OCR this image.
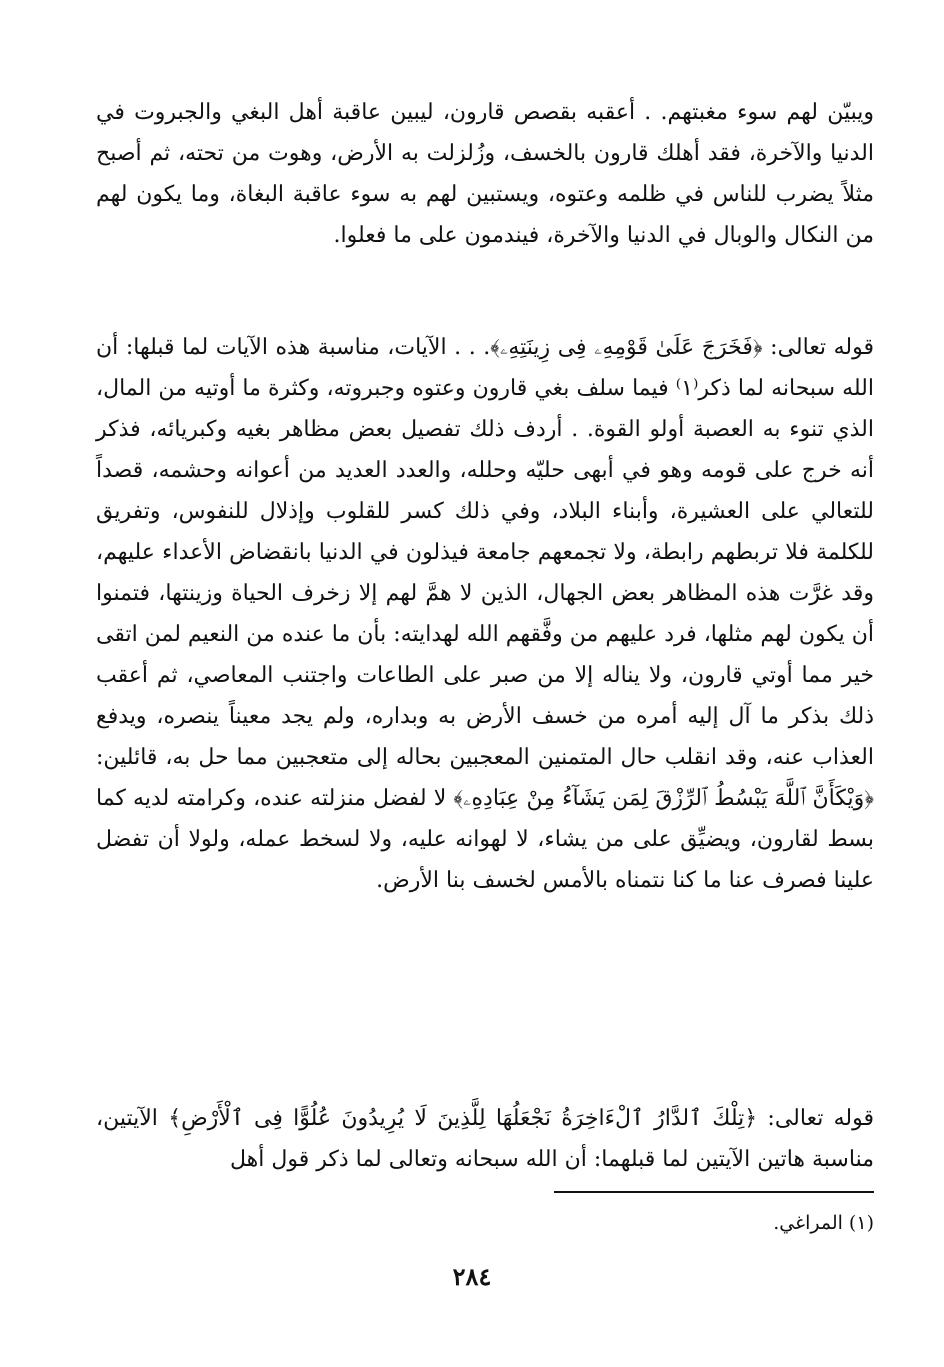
ويبيّن لهم سوء مغبتهم. . أعقبه بقصص قارون، ليبين عاقبة أهل البغي والجبروت في الدنيا والآخرة، فقد أهلك قارون بالخسف، وزُلزلت به الأرض، وهوت من تحته، ثم أصبح مثلاً يضرب للناس في ظلمه وعتوه، ويستبين لهم به سوء عاقبة البغاة، وما يكون لهم من النكال والوبال في الدنيا والآخرة، فيندمون على ما فعلوا.

قوله تعالى: ﴿فَخَرَجَ عَلَىٰ قَوْمِهِۦ فِى زِينَتِهِۦ﴾. . . الآيات، مناسبة هذه الآيات لما قبلها: أن الله سبحانه لما ذكر⁽١⁾ فيما سلف بغي قارون وعتوه وجبروته، وكثرة ما أوتيه من المال، الذي تنوء به العصبة أولو القوة. . أردف ذلك تفصيل بعض مظاهر بغيه وكبريائه، فذكر أنه خرج على قومه وهو في أبهى حليّه وحلله، والعدد العديد من أعوانه وحشمه، قصداً للتعالي على العشيرة، وأبناء البلاد، وفي ذلك كسر للقلوب وإذلال للنفوس، وتفريق للكلمة فلا تربطهم رابطة، ولا تجمعهم جامعة فيذلون في الدنيا بانقضاض الأعداء عليهم، وقد غرَّت هذه المظاهر بعض الجهال، الذين لا همَّ لهم إلا زخرف الحياة وزينتها، فتمنوا أن يكون لهم مثلها، فرد عليهم من وفَّقهم الله لهدايته: بأن ما عنده من النعيم لمن اتقى خير مما أوتي قارون، ولا يناله إلا من صبر على الطاعات واجتنب المعاصي، ثم أعقب ذلك بذكر ما آل إليه أمره من خسف الأرض به وبداره، ولم يجد معيناً ينصره، ويدفع العذاب عنه، وقد انقلب حال المتمنين المعجبين بحاله إلى متعجبين مما حل به، قائلين: ﴿وَيْكَأَنَّ ٱللَّهَ يَبْسُطُ ٱلرِّزْقَ لِمَن يَشَآءُ مِنْ عِبَادِهِۦ﴾ لا لفضل منزلته عنده، وكرامته لديه كما بسط لقارون، ويضيِّق على من يشاء، لا لهوانه عليه، ولا لسخط عمله، ولولا أن تفضل علينا فصرف عنا ما كنا نتمناه بالأمس لخسف بنا الأرض.

قوله تعالى: ﴿تِلْكَ ٱلدَّارُ ٱلْءَاخِرَةُ نَجْعَلُهَا لِلَّذِينَ لَا يُرِيدُونَ عُلُوًّا فِى ٱلْأَرْضِ﴾ الآيتين، مناسبة هاتين الآيتين لما قبلهما: أن الله سبحانه وتعالى لما ذكر قول أهل

(١) المراغي.

٢٨٤
